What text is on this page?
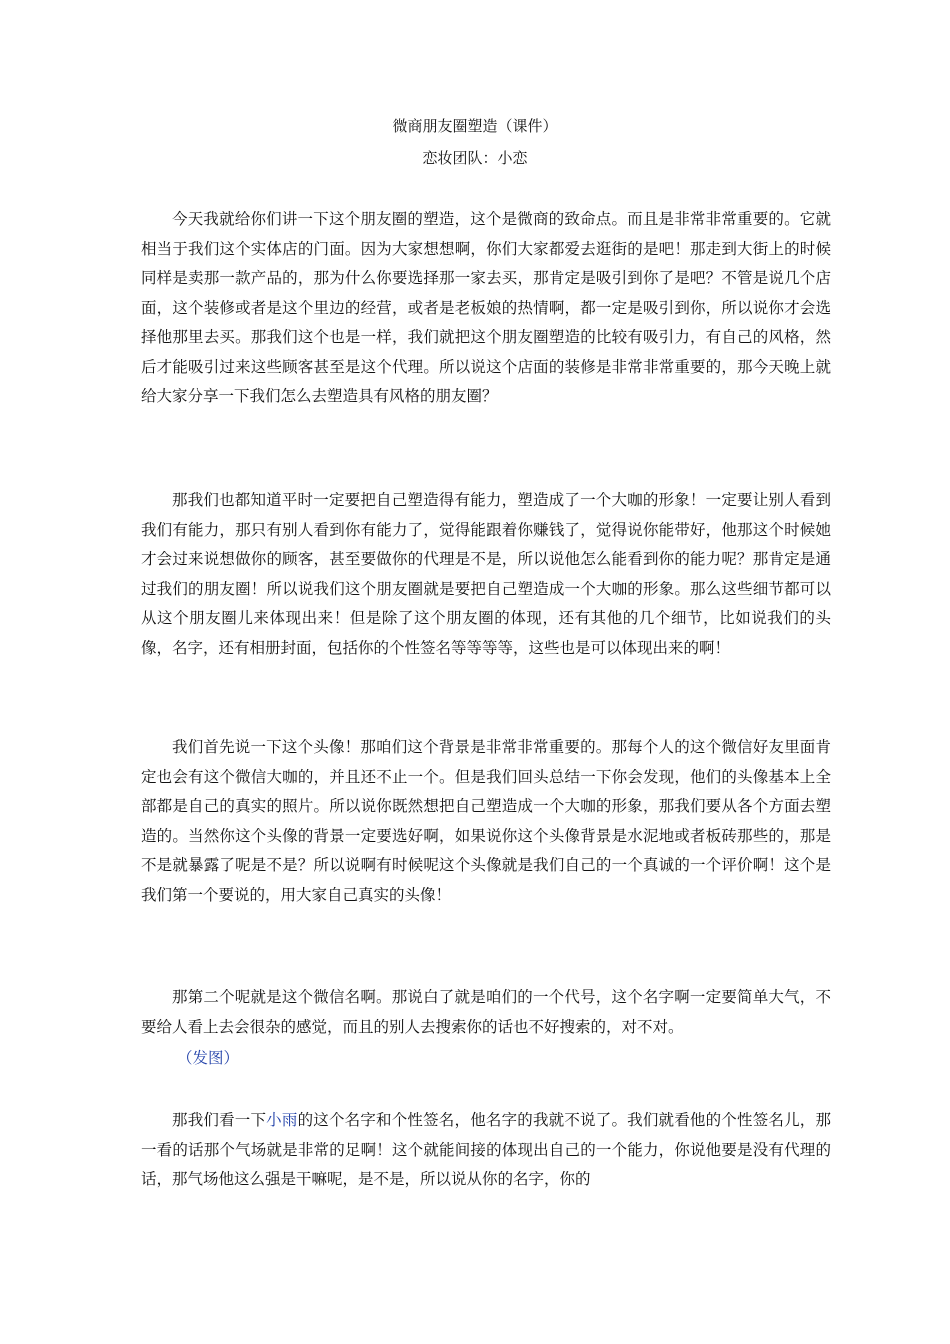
微商朋友圈塑造（课件）
恋妆团队：小恋

今天我就给你们讲一下这个朋友圈的塑造，这个是微商的致命点。而且是非常非常重要的。它就相当于我们这个实体店的门面。因为大家想想啊，你们大家都爱去逛街的是吧！那走到大街上的时候同样是卖那一款产品的，那为什么你要选择那一家去买，那肯定是吸引到你了是吧？不管是说几个店面，这个装修或者是这个里边的经营，或者是老板娘的热情啊，都一定是吸引到你，所以说你才会选择他那里去买。那我们这个也是一样，我们就把这个朋友圈塑造的比较有吸引力，有自己的风格，然后才能吸引过来这些顾客甚至是这个代理。所以说这个店面的装修是非常非常重要的，那今天晚上就给大家分享一下我们怎么去塑造具有风格的朋友圈？

那我们也都知道平时一定要把自己塑造得有能力，塑造成了一个大咖的形象！一定要让别人看到我们有能力，那只有别人看到你有能力了，觉得能跟着你赚钱了，觉得说你能带好，他那这个时候她才会过来说想做你的顾客，甚至要做你的代理是不是，所以说他怎么能看到你的能力呢？那肯定是通过我们的朋友圈！所以说我们这个朋友圈就是要把自己塑造成一个大咖的形象。那么这些细节都可以从这个朋友圈儿来体现出来！但是除了这个朋友圈的体现，还有其他的几个细节，比如说我们的头像，名字，还有相册封面，包括你的个性签名等等等等，这些也是可以体现出来的啊！

我们首先说一下这个头像！那咱们这个背景是非常非常重要的。那每个人的这个微信好友里面肯定也会有这个微信大咖的，并且还不止一个。但是我们回头总结一下你会发现，他们的头像基本上全部都是自己的真实的照片。所以说你既然想把自己塑造成一个大咖的形象，那我们要从各个方面去塑造的。当然你这个头像的背景一定要选好啊，如果说你这个头像背景是水泥地或者板砖那些的，那是不是就暴露了呢是不是？所以说啊有时候呢这个头像就是我们自己的一个真诚的一个评价啊！这个是我们第一个要说的，用大家自己真实的头像！

那第二个呢就是这个微信名啊。那说白了就是咱们的一个代号，这个名字啊一定要简单大气，不要给人看上去会很杂的感觉，而且的别人去搜索你的话也不好搜索的，对不对。

（发图）

那我们看一下小雨的这个名字和个性签名，他名字的我就不说了。我们就看他的个性签名儿，那一看的话那个气场就是非常的足啊！这个就能间接的体现出自己的一个能力，你说他要是没有代理的话，那气场他这么强是干嘛呢，是不是，所以说从你的名字，你的
